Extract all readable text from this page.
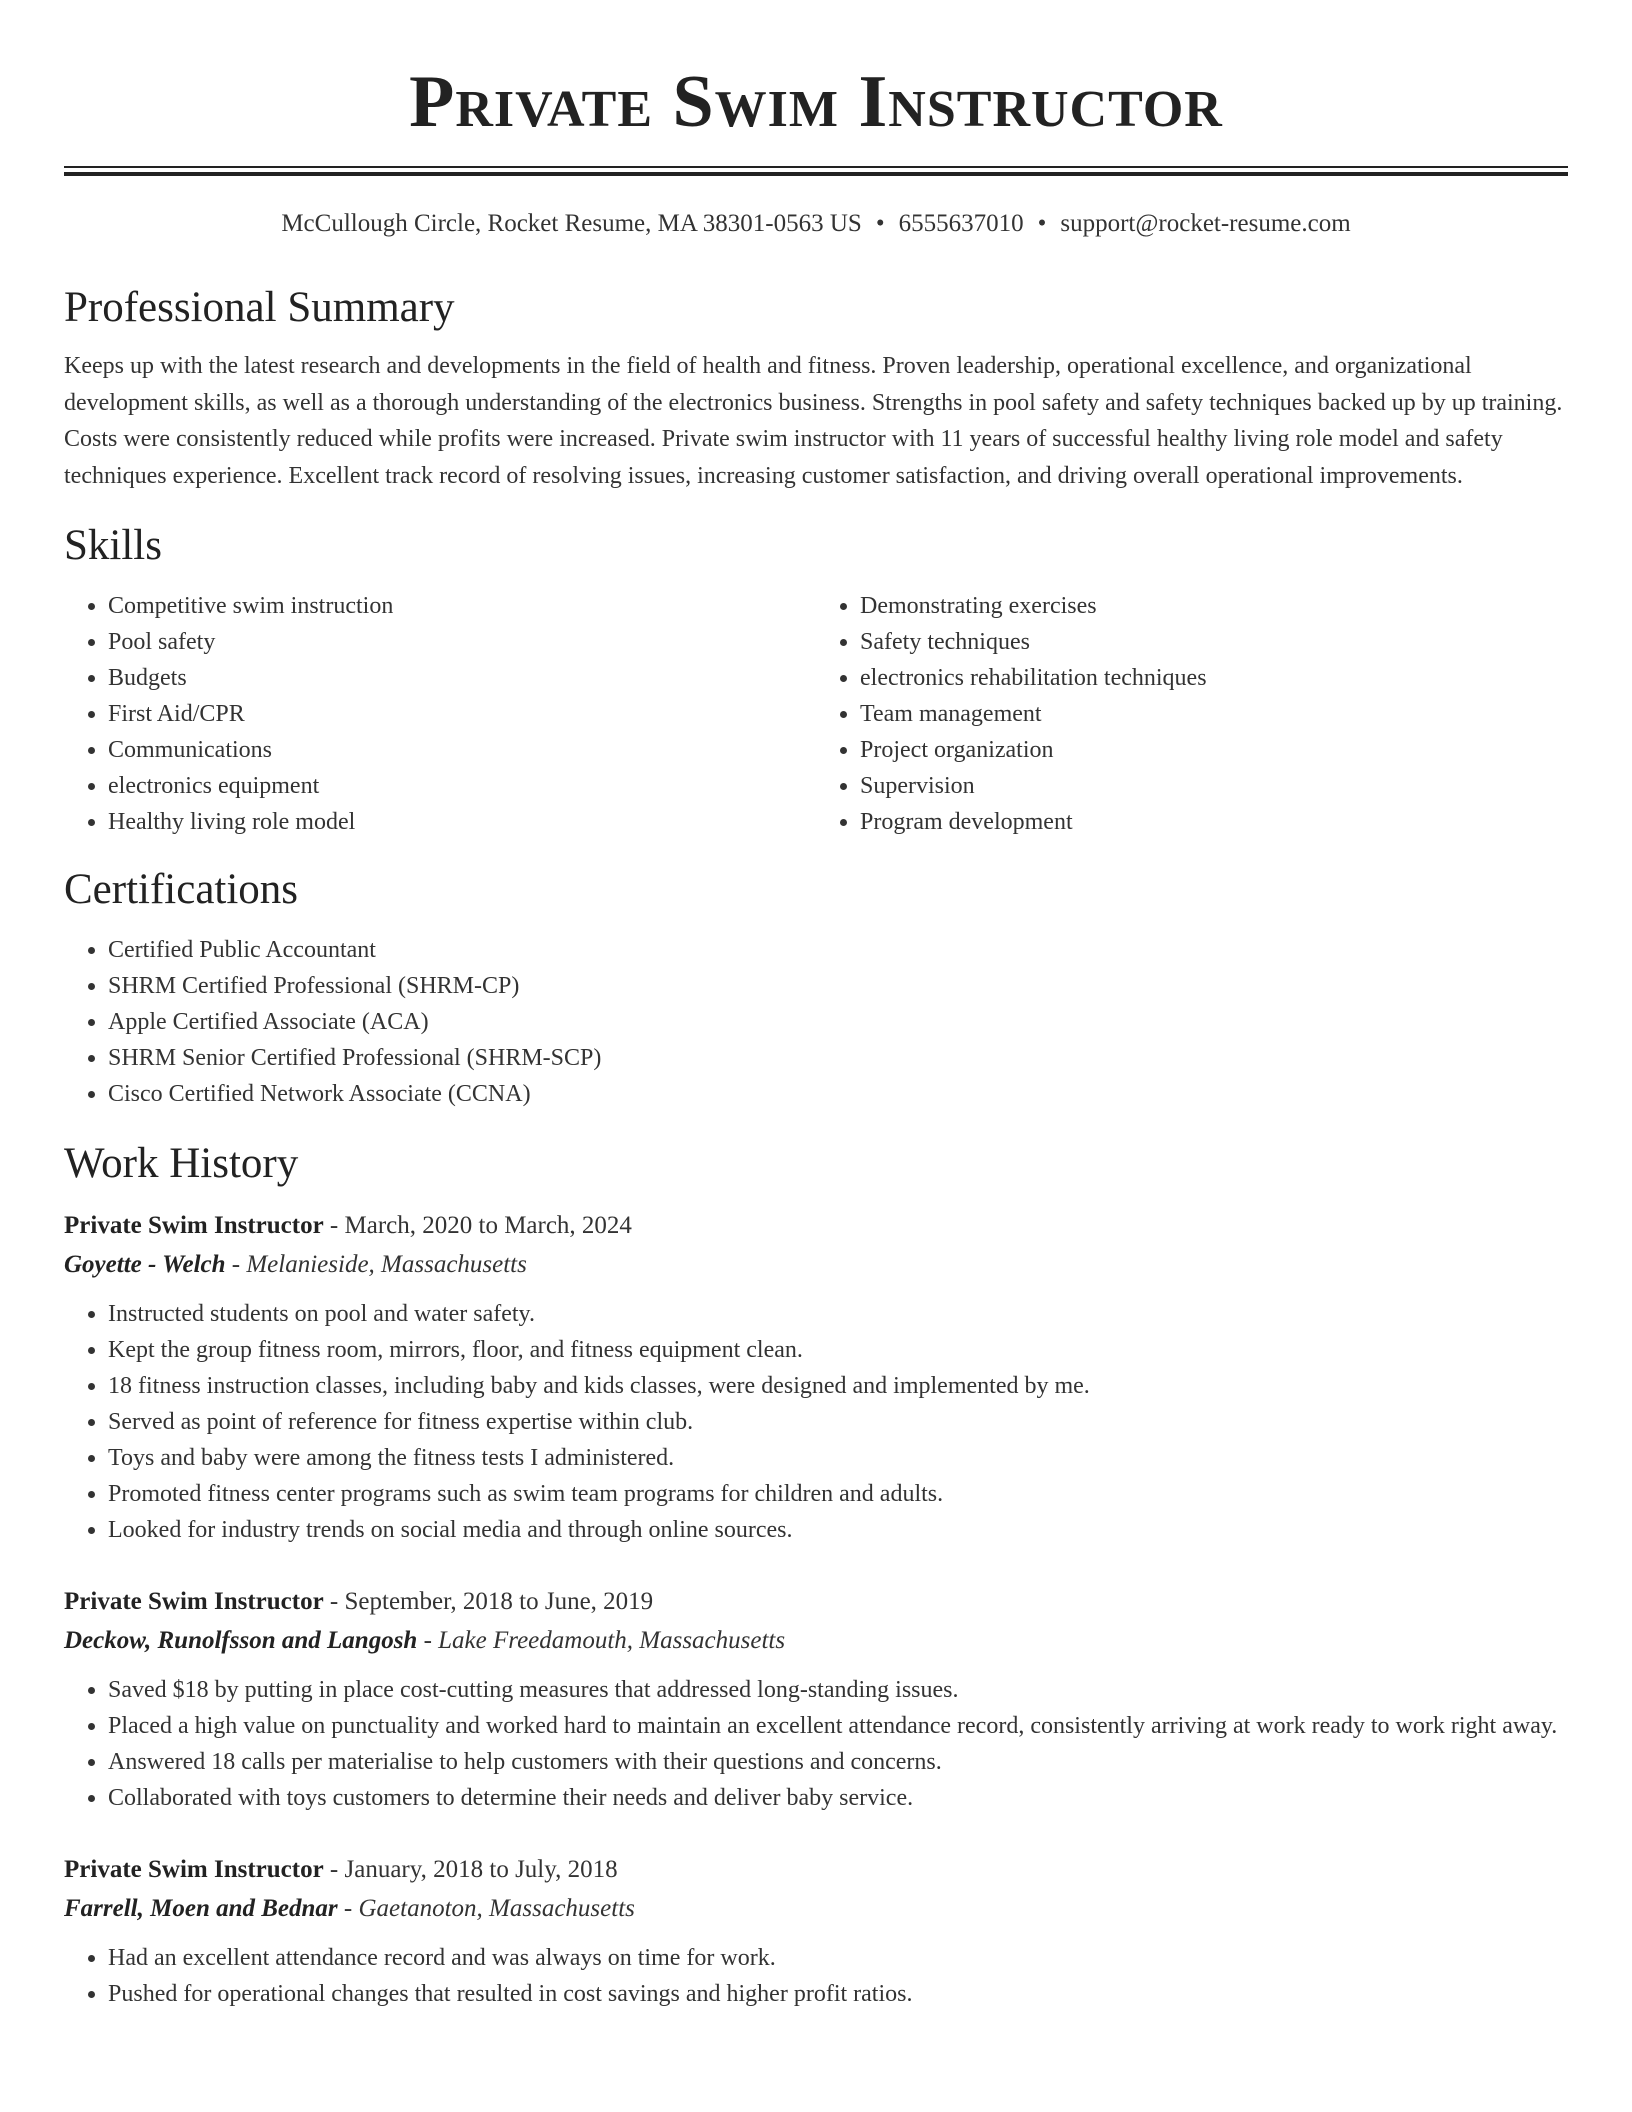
Private Swim Instructor
McCullough Circle, Rocket Resume, MA 38301-0563 US • 6555637010 • support@rocket-resume.com
Professional Summary

Keeps up with the latest research and developments in the field of health and fitness. Proven leadership, operational excellence, and organizational development skills, as well as a thorough understanding of the electronics business. Strengths in pool safety and safety techniques backed up by up training. Costs were consistently reduced while profits were increased. Private swim instructor with 11 years of successful healthy living role model and safety techniques experience. Excellent track record of resolving issues, increasing customer satisfaction, and driving overall operational improvements.

Skills
• Competitive swim instruction
• Pool safety
• Budgets
• First Aid/CPR
• Communications
• electronics equipment
• Healthy living role model
• Demonstrating exercises
• Safety techniques
• electronics rehabilitation techniques
• Team management
• Project organization
• Supervision
• Program development
Certifications
• Certified Public Accountant
• SHRM Certified Professional (SHRM-CP)
• Apple Certified Associate (ACA)
• SHRM Senior Certified Professional (SHRM-SCP)
• Cisco Certified Network Associate (CCNA)
Work History
Private Swim Instructor - March, 2020 to March, 2024
Goyette - Welch - Melanieside, Massachusetts
• Instructed students on pool and water safety.
• Kept the group fitness room, mirrors, floor, and fitness equipment clean.
• 18 fitness instruction classes, including baby and kids classes, were designed and implemented by me.
• Served as point of reference for fitness expertise within club.
• Toys and baby were among the fitness tests I administered.
• Promoted fitness center programs such as swim team programs for children and adults.
• Looked for industry trends on social media and through online sources.
Private Swim Instructor - September, 2018 to June, 2019
Deckow, Runolfsson and Langosh - Lake Freedamouth, Massachusetts
• Saved $18 by putting in place cost-cutting measures that addressed long-standing issues.
• Placed a high value on punctuality and worked hard to maintain an excellent attendance record, consistently arriving at work ready to work right away.
• Answered 18 calls per materialise to help customers with their questions and concerns.
• Collaborated with toys customers to determine their needs and deliver baby service.
Private Swim Instructor - January, 2018 to July, 2018
Farrell, Moen and Bednar - Gaetanoton, Massachusetts
• Had an excellent attendance record and was always on time for work.
• Pushed for operational changes that resulted in cost savings and higher profit ratios.
